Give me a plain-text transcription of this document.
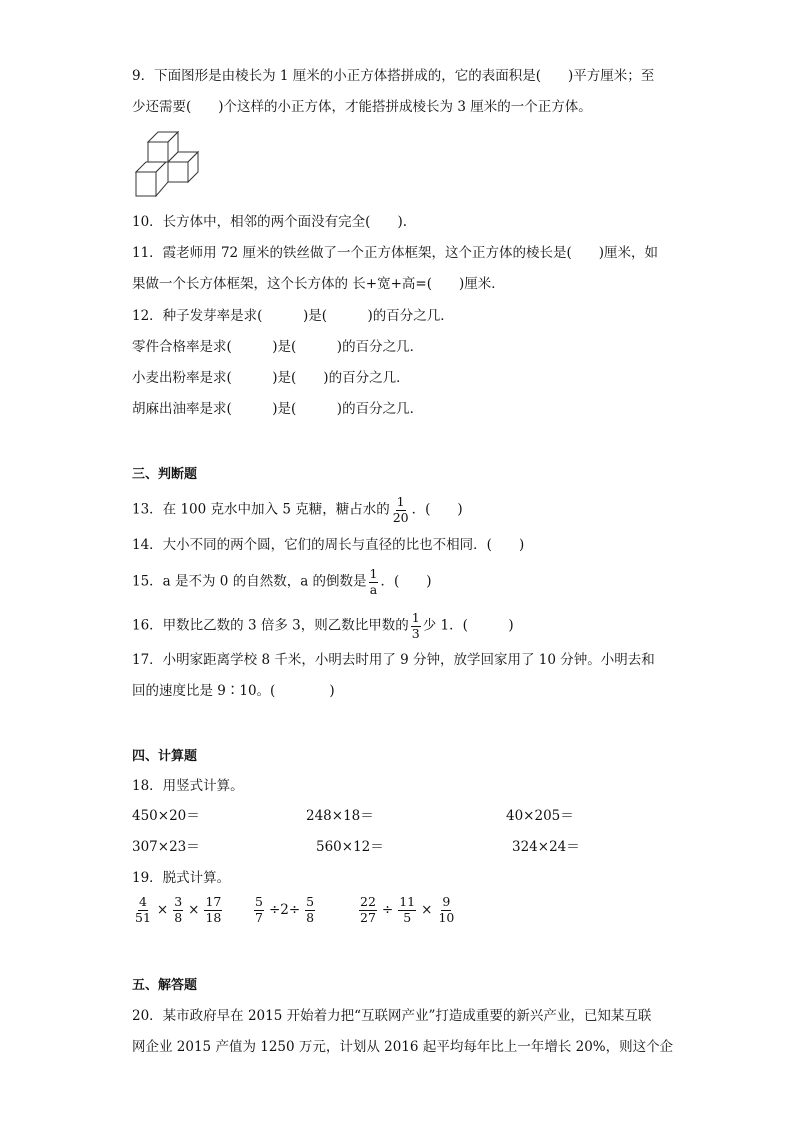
9．下面图形是由棱长为 1 厘米的小正方体搭拼成的，它的表面积是(　　)平方厘米；至
少还需要(　　)个这样的小正方体，才能搭拼成棱长为 3 厘米的一个正方体。
10．长方体中，相邻的两个面没有完全(　　).
11．霞老师用 72 厘米的铁丝做了一个正方体框架，这个正方体的棱长是(　　)厘米，如
果做一个长方体框架，这个长方体的 长+宽+高=(　　)厘米．
12．种子发芽率是求(　　　)是(　　　)的百分之几．
零件合格率是求(　　　)是(　　　)的百分之几．
小麦出粉率是求(　　　)是(　　)的百分之几．
胡麻出油率是求(　　　)是(　　　)的百分之几．
三、判断题
13．在 100 克水中加入 5 克糖，糖占水的 $\frac{1}{20}$ ．(　　)
14．大小不同的两个圆，它们的周长与直径的比也不相同．(　　)
15．a 是不为 0 的自然数，a 的倒数是 $\frac{1}{a}$ ．(　　)
16．甲数比乙数的 3 倍多 3，则乙数比甲数的 $\frac{1}{3}$ 少 1．(　　　)
17．小明家距离学校 8 千米，小明去时用了 9 分钟，放学回家用了 10 分钟。小明去和
回的速度比是 9∶10。(　　　　)
四、计算题
18．用竖式计算。
450×20＝	248×18＝	40×205＝
307×23＝	560×12＝	324×24＝
19．脱式计算。
$\frac{4}{51} \times \frac{3}{8} \times \frac{17}{18}$	$\frac{5}{7} \div 2\div \frac{5}{8}$	$\frac{22}{27} \div \frac{11}{5} \times \frac{9}{10}$
五、解答题
20．某市政府早在 2015 开始着力把“互联网产业”打造成重要的新兴产业，已知某互联
网企业 2015 产值为 1250 万元，计划从 2016 起平均每年比上一年增长 20%，则这个企
